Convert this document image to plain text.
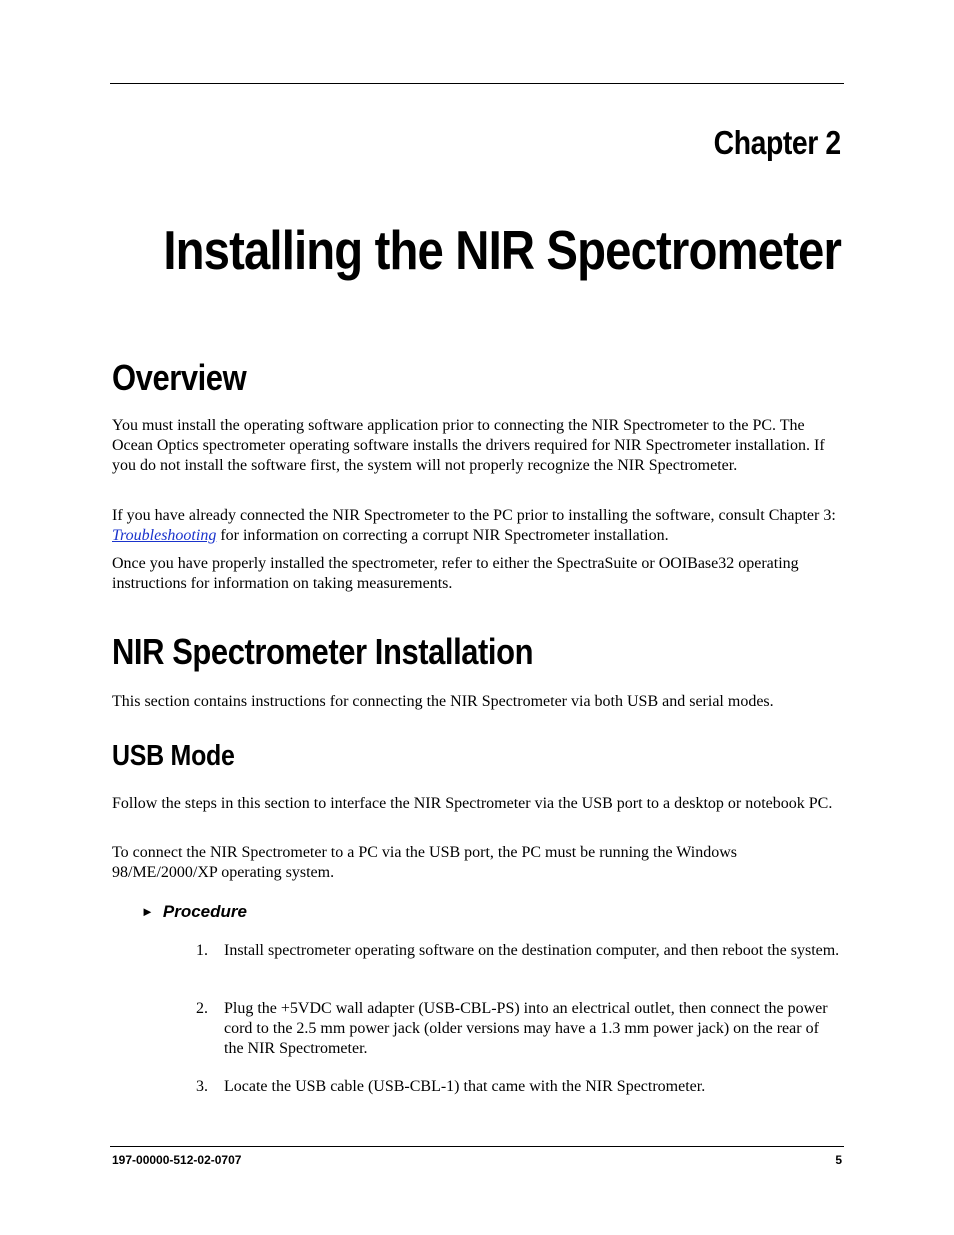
Chapter 2
Installing the NIR Spectrometer
Overview

You must install the operating software application prior to connecting the NIR Spectrometer to the PC. The Ocean Optics spectrometer operating software installs the drivers required for NIR Spectrometer installation. If you do not install the software first, the system will not properly recognize the NIR Spectrometer.

If you have already connected the NIR Spectrometer to the PC prior to installing the software, consult Chapter 3: Troubleshooting for information on correcting a corrupt NIR Spectrometer installation.

Once you have properly installed the spectrometer, refer to either the SpectraSuite or OOIBase32 operating instructions for information on taking measurements.

NIR Spectrometer Installation

This section contains instructions for connecting the NIR Spectrometer via both USB and serial modes.

USB Mode

Follow the steps in this section to interface the NIR Spectrometer via the USB port to a desktop or notebook PC.

To connect the NIR Spectrometer to a PC via the USB port, the PC must be running the Windows 98/ME/2000/XP operating system.

► Procedure
1. Install spectrometer operating software on the destination computer, and then reboot the system.
2. Plug the +5VDC wall adapter (USB-CBL-PS) into an electrical outlet, then connect the power cord to the 2.5 mm power jack (older versions may have a 1.3 mm power jack) on the rear of the NIR Spectrometer.
3. Locate the USB cable (USB-CBL-1) that came with the NIR Spectrometer.
197-00000-512-02-0707	5
